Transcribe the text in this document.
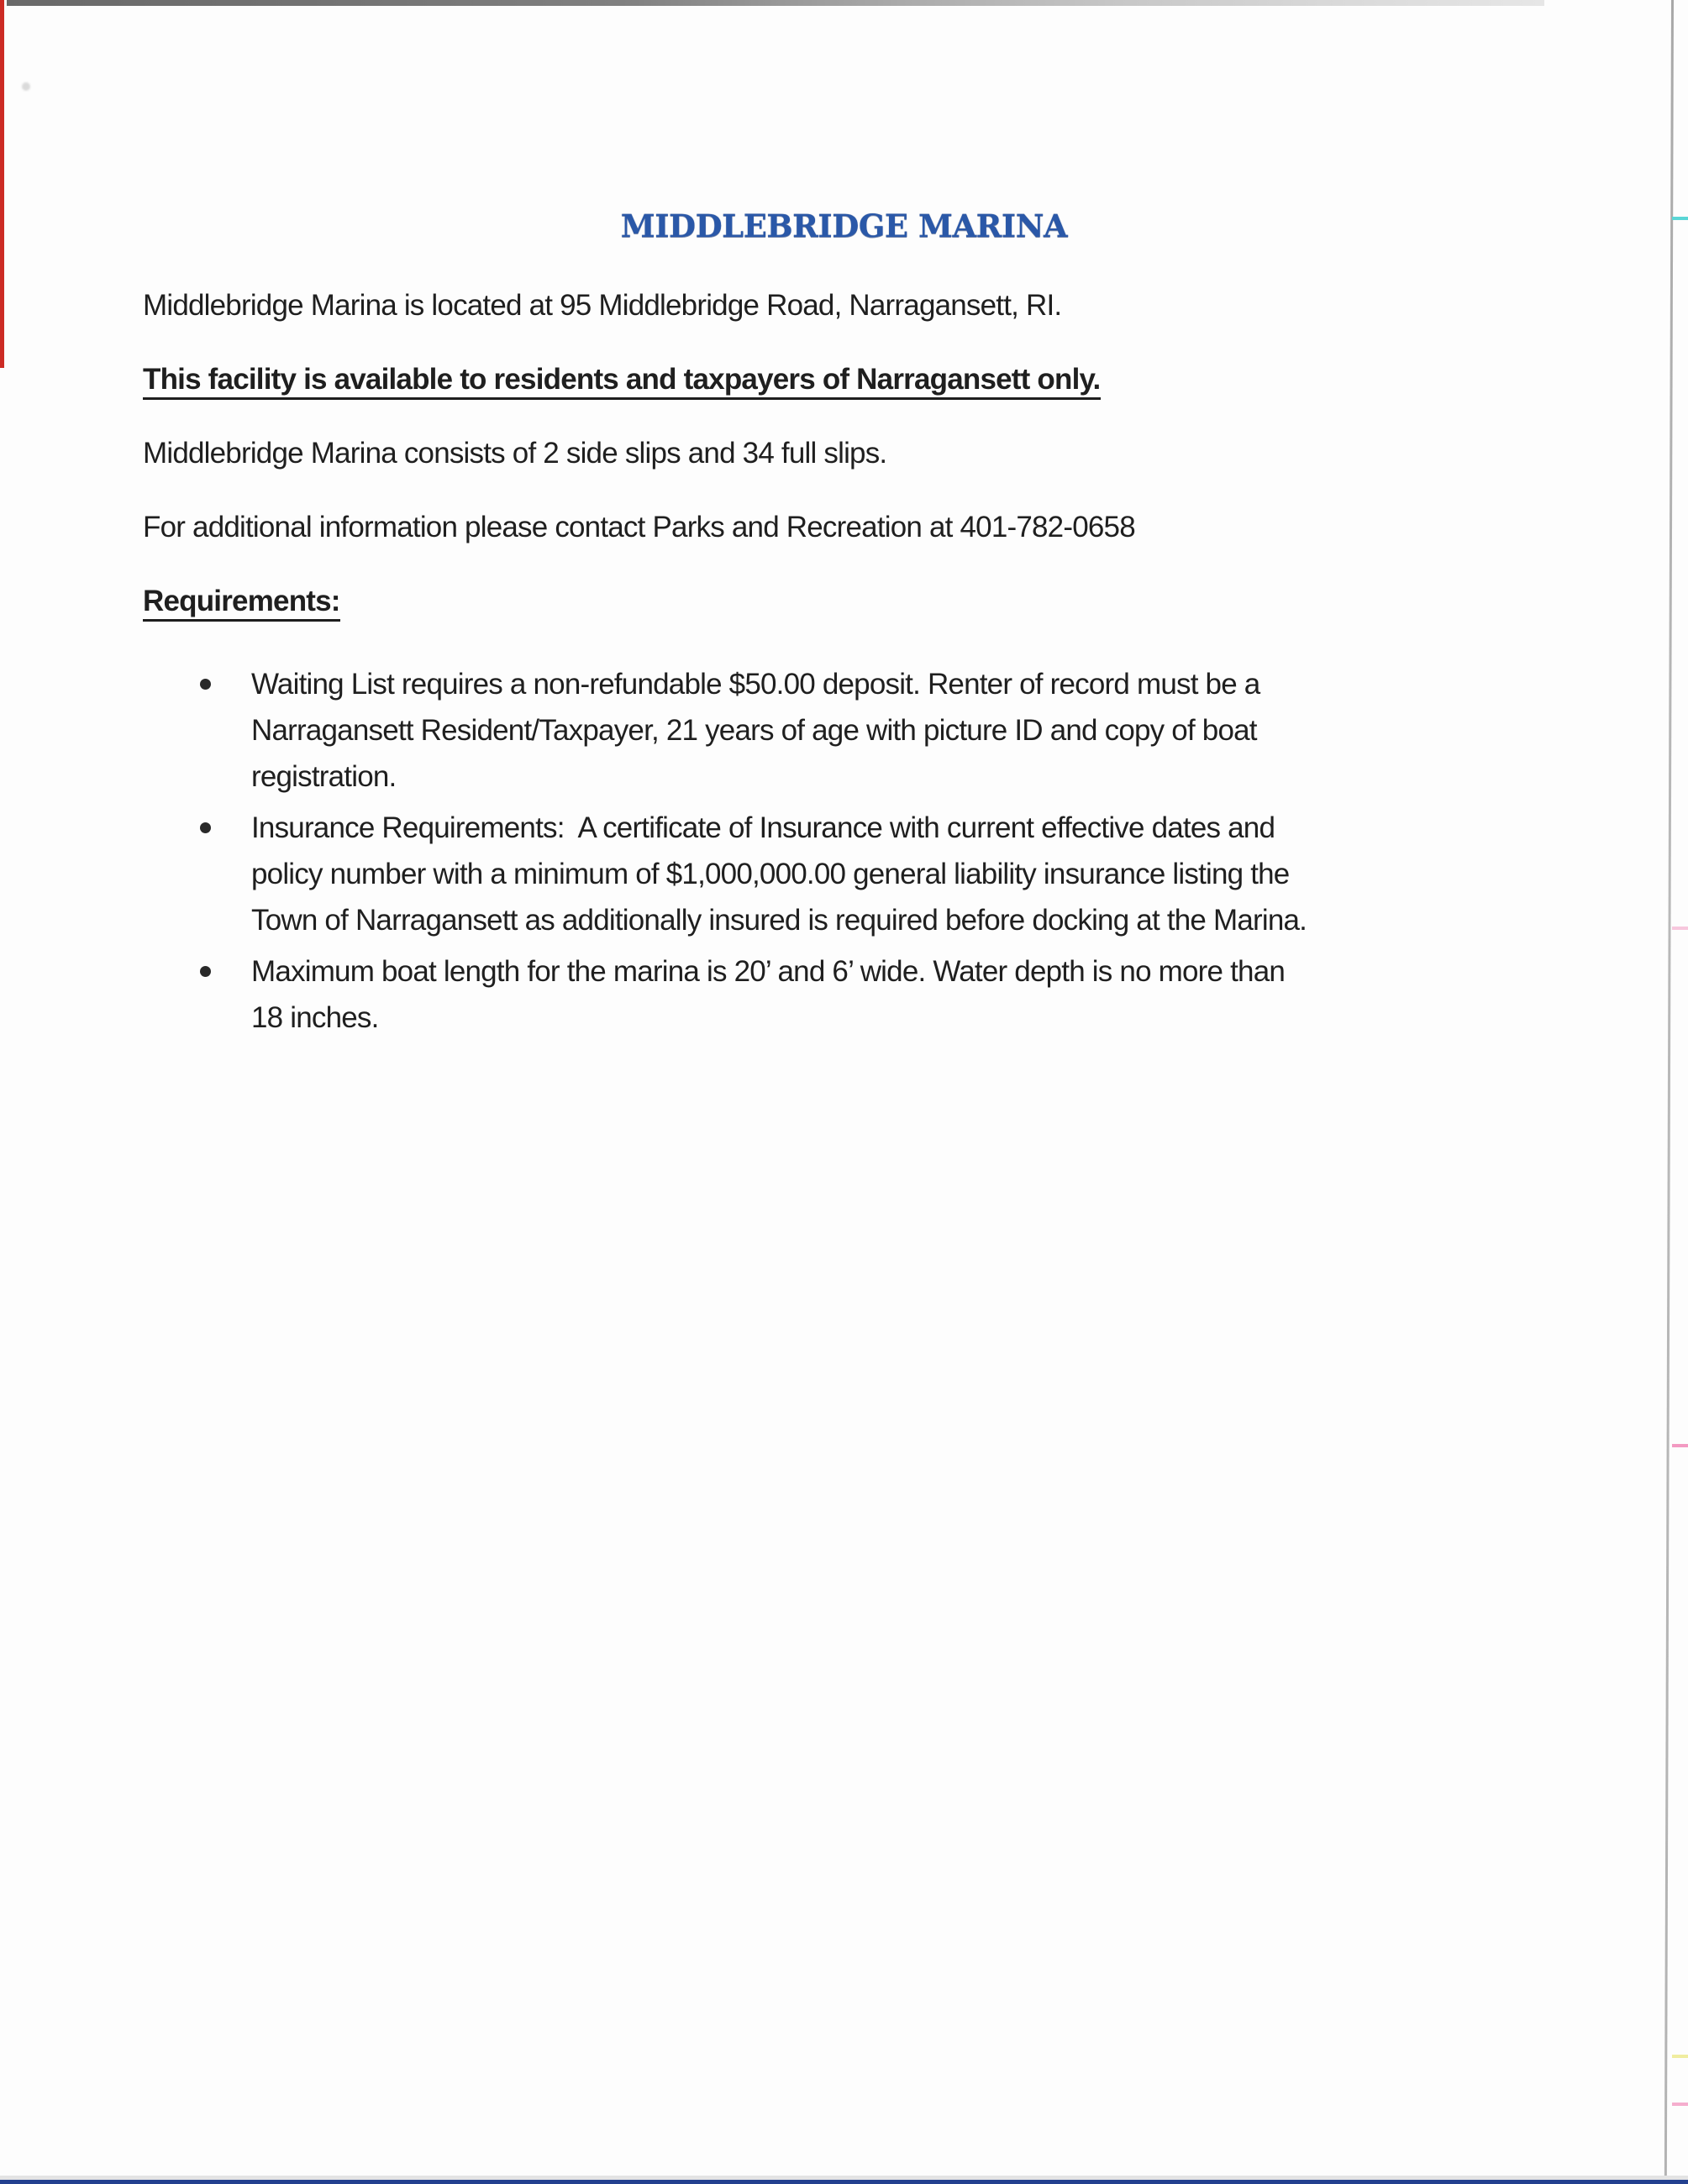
MIDDLEBRIDGE MARINA

Middlebridge Marina is located at 95 Middlebridge Road, Narragansett, RI.

This facility is available to residents and taxpayers of Narragansett only.

Middlebridge Marina consists of 2 side slips and 34 full slips.

For additional information please contact Parks and Recreation at 401-782-0658

Requirements:

Waiting List requires a non-refundable $50.00 deposit. Renter of record must be a
Narragansett Resident/Taxpayer, 21 years of age with picture ID and copy of boat
registration.
Insurance Requirements:  A certificate of Insurance with current effective dates and
policy number with a minimum of $1,000,000.00 general liability insurance listing the
Town of Narragansett as additionally insured is required before docking at the Marina.
Maximum boat length for the marina is 20’ and 6’ wide. Water depth is no more than
18 inches.
